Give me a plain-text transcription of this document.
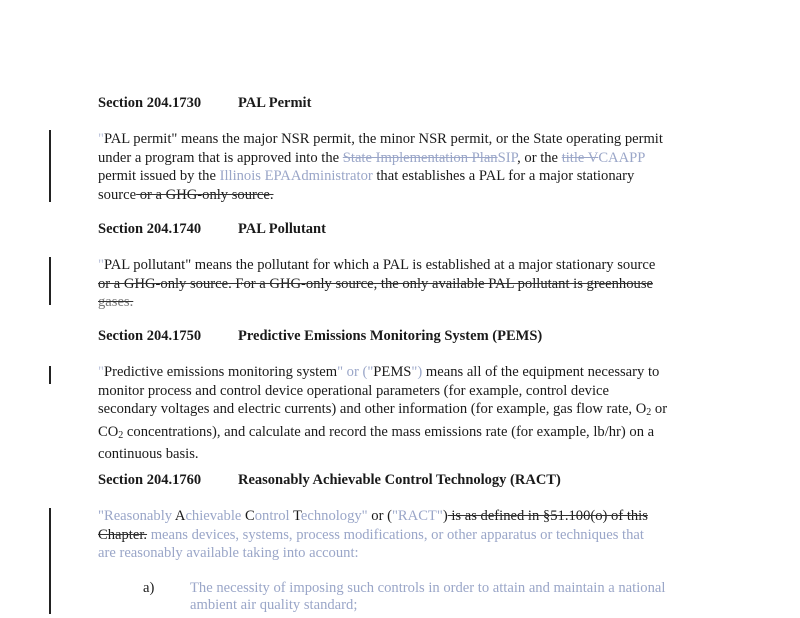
Section 204.1730	PAL Permit
"PAL permit" means the major NSR permit, the minor NSR permit, or the State operating permit
under a program that is approved into the State Implementation PlanSIP, or the title VCAAPP
permit issued by the Illinois EPAAdministrator that establishes a PAL for a major stationary
source or a GHG-only source.
Section 204.1740	PAL Pollutant
"PAL pollutant" means the pollutant for which a PAL is established at a major stationary source
or a GHG-only source. For a GHG-only source, the only available PAL pollutant is greenhouse
gases.
Section 204.1750	Predictive Emissions Monitoring System (PEMS)
"Predictive emissions monitoring system" or ("PEMS") means all of the equipment necessary to
monitor process and control device operational parameters (for example, control device
secondary voltages and electric currents) and other information (for example, gas flow rate, $O_2$ or
$CO_2$ concentrations), and calculate and record the mass emissions rate (for example, lb/hr) on a
continuous basis.
Section 204.1760	Reasonably Achievable Control Technology (RACT)
"Reasonably Achievable Control Technology" or ("RACT") is as defined in §51.100(o) of this
Chapter. means devices, systems, process modifications, or other apparatus or techniques that
are reasonably available taking into account:
a) The necessity of imposing such controls in order to attain and maintain a national
ambient air quality standard;
